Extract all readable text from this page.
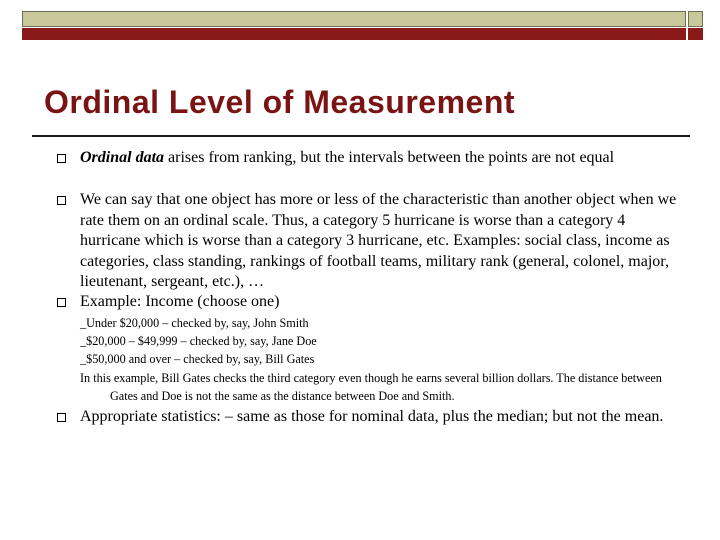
Ordinal Level of Measurement

Ordinal data arises from ranking, but the intervals between the points are not equal

We can say that one object has more or less of the characteristic than another object when we rate them on an ordinal scale. Thus, a category 5 hurricane is worse than a category 4 hurricane which is worse than a category 3 hurricane, etc. Examples: social class, income as categories, class standing, rankings of football teams, military rank (general, colonel, major, lieutenant, sergeant, etc.), …

Example: Income (choose one)

_Under $20,000 – checked by, say, John Smith

_$20,000 – $49,999 – checked by, say, Jane Doe

_$50,000 and over – checked by, say, Bill Gates

In this example, Bill Gates checks the third category even though he earns several billion dollars. The distance between Gates and Doe is not the same as the distance between Doe and Smith.

Appropriate statistics: – same as those for nominal data, plus the median; but not the mean.
